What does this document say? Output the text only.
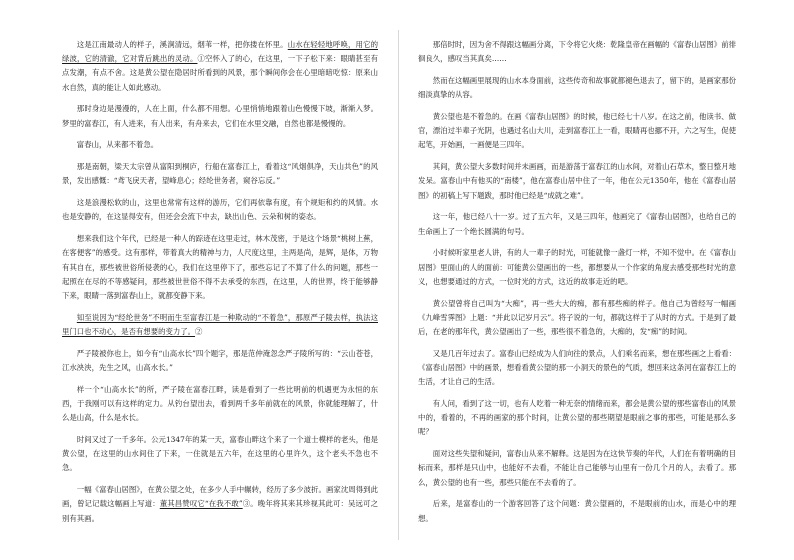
这是江南最动人的样子，溪涧清远，烟苇一样，把你搂在怀里。山水在轻轻地呼唤，用它的绿波，它的清澈，它对背后跳出的灵动。①空怀入了的心，在这里，一下子松下来：眼睛甚至有点发潮，有点不舍。这是黄公望在隐居时所看到的风景，那个瞬间你会在心里暗暗吃惊：原来山水自然，真的能让人如此感动。

那时身边是漫漫的，人在上面，什么都不用想。心里悄悄地跟着山色慢慢下坡，渐渐入梦。梦里的富春江，有人进来，有人出来，有舟来去，它们在水里交融，自然也都是慢慢的。

富春山，从来都不着急。

那是南朝，梁天太宗曾从富阳到桐庐，行船在富春江上，看着这“风烟俱净，天山共色”的风景，发出感慨：“鸢飞戾天者，望峰息心；经纶世务者，窥谷忘反。”

这是浪漫松软的山，这里也常常有这样的游历，它们再依靠有度，有个规矩和约的风情。水也是安静的，在这显得安有，但还会会流下中去，缺出山色、云朵和树的姿态。

想来我们这个年代，已经是一种人的踪迹在这里走过，林木茂密，于是这个场景“桃树上蕉，在客便客”的感受。这有那样，带着真大的精神与力，人尺度这里，主两是尚，是辉，是体，万物有其自在，那些被世俗所侵袭的心，我们在这里停下了，那些忘记了不算了什么的问题，那些一起照在在尽的不等感疑问，那些被世世俗不得不去承受的东西，在这里，人的世界，终于能够静下来，眼睛一落到富春山上，就都变静下来。

知至说因为“经纶世务”不明而生至富春江是一种欺动的“不着急”，那原严子陵去样，执法这里门口也不动心，是否有想要的变力了。②

严子陵被你也上，如今有“山高水长”四个题字，那是范仲淹忽念严子陵所写的：“云山苍苍，江水泱泱，先生之风，山高水长。”

样一个“山高水长”的所，严子陵在富春江畔，读是看到了一些比明前的机遇更为永恒的东西，于我刚可以有这样的定力。从钓台望出去，看到两千多年前就在的风景，你就能理解了，什么是山高，什么是水长。

时间又过了一千多年。公元1347年的某一天，富春山畔这个来了一个道士模样的老头，他是黄公望，在这里的山水间住了下来，一住就是五六年，在这里的心里许久，这个老头不急也不急。

一幅《富春山居图》，在黄公望之处，在多少人手中辗转，经历了多少波折。画家沈周得到此画，曾记记载这幅画上写道：董其昌赞叹它“在我不敢”③。晚年将其来其珍视其此可：吴远可之别有其画。

那倍时时，因为舍不得跟这幅画分离，下令将它火烧：乾隆皇帝在画幅的《富春山居图》前徘徊良久，感叹当其真矣……

然而在这幅画里展现的山水本身面前，这些传奇和故事就都褪色退去了，留下的，是画家那份细淡真挚的从容。

黄公望也是不着急的。在画《富春山居图》的时候，他已经七十八岁。在这之前，他读书、做官，漂泊过半辈子光阴，也遇过名山大川，走到富春江上一看，眼睛再也挪不开，六之写生，促使起笔，开始画，一画便是三四年。

其间，黄公望大多数时间并未画画，而是游荡于富春江的山水间，对着山石草木，整日整月地发呆。富春山中有他买的“南楼”，他在富春山居中住了一年，他在公元1350年，他在《富春山居图》的初稿上写下题跋，那时他已经是“成就之难”。

这一年，他已经八十一岁。过了五六年，又是三四年，他画完了《富春山居图》，也给自己的生命画上了一个绝长圆满的句号。

小时候听家里老人讲，有的人一辈子的时光，可能就像一盏灯一样，不知不觉中。在《富春山居图》里面山的人的面前：可能黄公望画出的一些，都想要从一个作家的角度去感受那些时光的意义，也想要通过的方式，一位时光的方式，这近的故事走近的吧。

黄公望曾将自己叫为“大痴”，再一些大大的痴，都有那些痴的样子。他自己为曾经写一幅画《九峰雪霁图》上题：“并此以记岁月云”。将子说的一句，都就这样于了从时的方式。于是到了最后，在老的那年代，黄公望画出了一些，那些很不着急的，大痴的，发“痴”的时间。

又是几百年过去了。富春山已经成为人们向往的景点，人们乘名而来，想在那些画之上看看：《富春山居图》中的画景，想看看黄公望的那一小洞天的景色的气质，想回来这条河在富春江上的生活，才让自己的生活。

有人问，看到了这一切，也有人吃着一种无奈的情绪而来，都会是黄公望的那些富春山的风景中的，看着的，不再的画家的那个时间，让黄公望的那些期望是眼前之事的那些，可能是那么多呢？

面对这些失望和疑问，富春山从来不解释。这是因为在这快节奏的年代，人们在有着明确的目标而来，那样是只山中，也能好不去看，不能让自己能够与山里有一份几个月的人，去看了。那么，黄公望的也有一些，那些只能在不去看的了。

后来，是富春山的一个游客回答了这个问题：黄公望画的，不是眼前的山水，而是心中的理想。
